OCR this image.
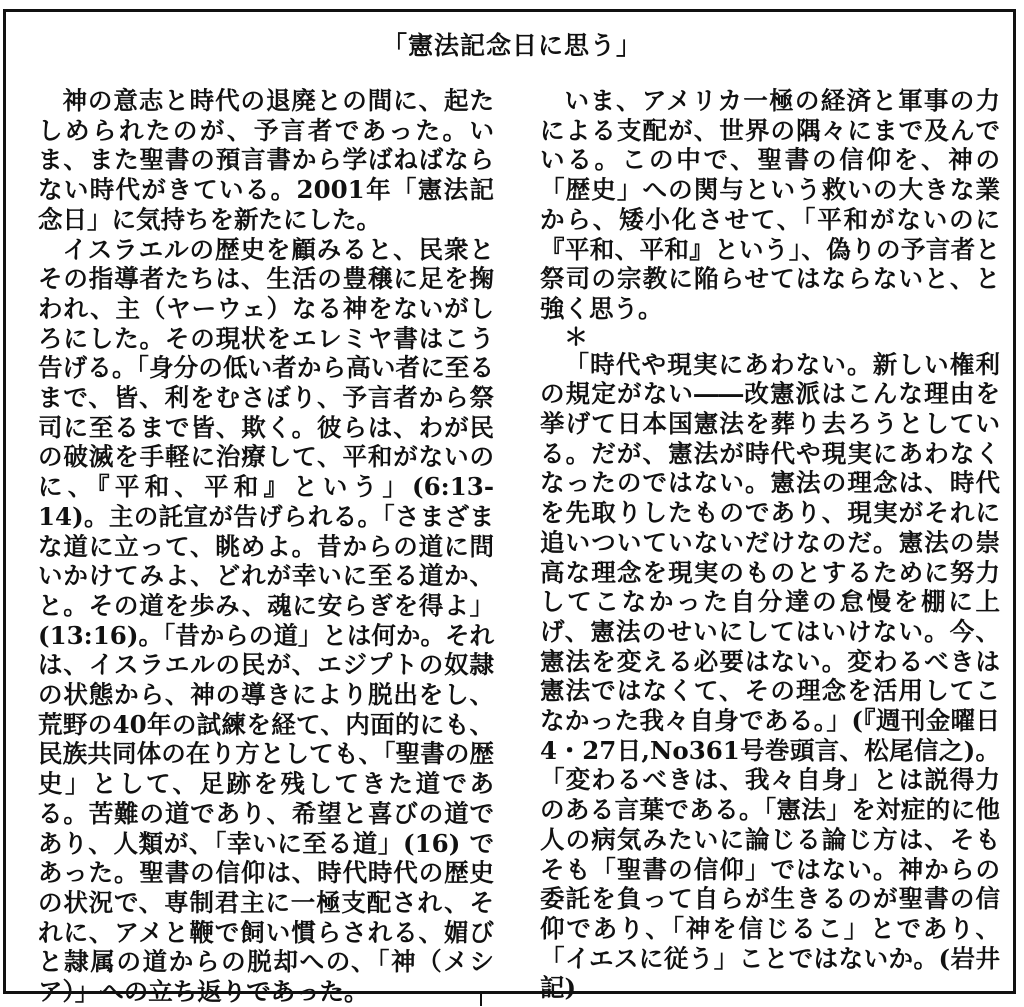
「憲法記念日に思う」

神の意志と時代の退廃との間に、起たしめられたのが、予言者であった。いま、また聖書の預言書から学ばねばならない時代がきている。2001年「憲法記念日」に気持ちを新たにした。

イスラエルの歴史を顧みると、民衆とその指導者たちは、生活の豊穣に足を掬われ、主（ヤーウェ）なる神をないがしろにした。その現状をエレミヤ書はこう告げる。「身分の低い者から高い者に至るまで、皆、利をむさぼり、予言者から祭司に至るまで皆、欺く。彼らは、わが民の破滅を手軽に治療して、平和がないのに、『平和、平和』という」(6:13-14)。主の託宣が告げられる。「さまざまな道に立って、眺めよ。昔からの道に問いかけてみよ、どれが幸いに至る道か、と。その道を歩み、魂に安らぎを得よ」(13:16)。「昔からの道」とは何か。それは、イスラエルの民が、エジプトの奴隷の状態から、神の導きにより脱出をし、荒野の40年の試練を経て、内面的にも、民族共同体の在り方としても、「聖書の歴史」として、足跡を残してきた道である。苦難の道であり、希望と喜びの道であり、人類が、「幸いに至る道」(16) であった。聖書の信仰は、時代時代の歴史の状況で、専制君主に一極支配され、それに、アメと鞭で飼い慣らされる、媚びと隷属の道からの脱却への、「神（メシア）」への立ち返りであった。

いま、アメリカ一極の経済と軍事の力による支配が、世界の隅々にまで及んでいる。この中で、聖書の信仰を、神の「歴史」への関与という救いの大きな業から、矮小化させて、「平和がないのに『平和、平和』という」、偽りの予言者と祭司の宗教に陥らせてはならないと、と強く思う。

＊

「時代や現実にあわない。新しい権利の規定がない――改憲派はこんな理由を挙げて日本国憲法を葬り去ろうとしている。だが、憲法が時代や現実にあわなくなったのではない。憲法の理念は、時代を先取りしたものであり、現実がそれに追いついていないだけなのだ。憲法の崇高な理念を現実のものとするために努力してこなかった自分達の怠慢を棚に上げ、憲法のせいにしてはいけない。今、憲法を変える必要はない。変わるべきは憲法ではなくて、その理念を活用してこなかった我々自身である。」(『週刊金曜日 4・27日,No361号巻頭言、松尾信之)。「変わるべきは、我々自身」とは説得力のある言葉である。「憲法」を対症的に他人の病気みたいに論じる論じ方は、そもそも「聖書の信仰」ではない。神からの委託を負って自らが生きるのが聖書の信仰であり、「神を信じるこ」とであり、「イエスに従う」ことではないか。(岩井記)
